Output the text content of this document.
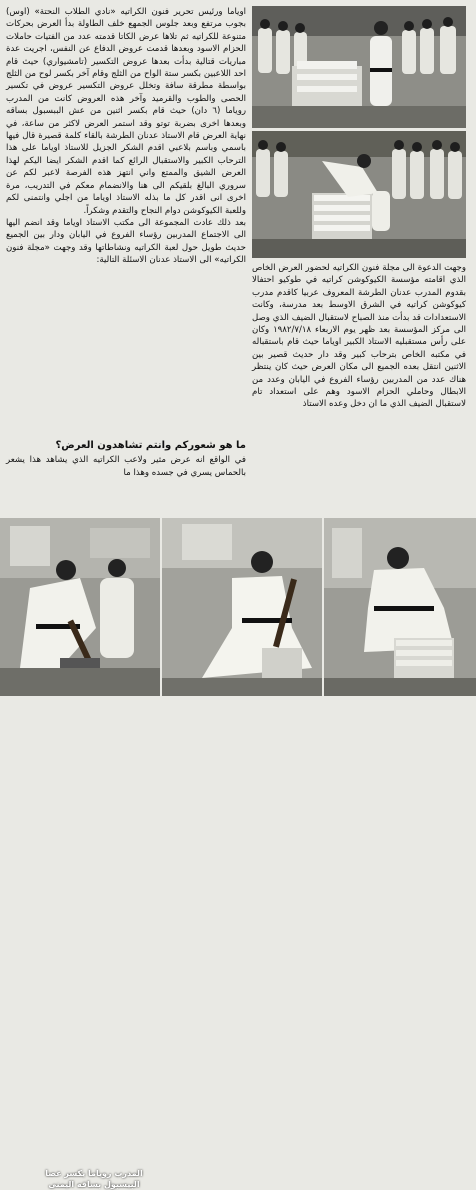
اوياما ورئيس تحرير فنون الكراتيه «نادي الطلاب النحتة» (اوس) بجوب مرتفع وبعد جلوس الجمهع خلف الطاولة بدأ العرض بحركات متنوعة للكراتيه ثم تلاها عرض الكاتا قدمته عدد من الفتيات حاملات الحزام الاسود وبعدها قدمت عروض الدفاع عن النفس، اجريت عدة مباريات قتالية بدأت بعدها عروض التكسير (تامشيواري) حيث قام احد اللاعبين بكسر ستة الواح من الثلج وقام آخر بكسر لوح من الثلج بواسطة مطرقة سافة وتخلل عروض التكسير عروض في تكسير الحصى والطوب والقرميد وآخر هذه العروض كانت من المدرب روياما (٦ دان) حيث قام بكسر اثنين من عش الببسبول بساقه وبعدها اخرى بضربة توتو وقد استمر العرض لاكثر من ساعة، في نهاية العرض قام الاستاذ عدنان الطرشة بالقاء كلمة قصيرة قال فيها باسمي وباسم بلاعبي اقدم الشكر الجزيل للاستاذ اوياما على هذا الترحاب الكبير والاستقبال الرائع كما اقدم الشكر ايضا اليكم لهذا العرض الشيق والممتع واني انتهز هذه الفرصة لاعبر لكم عن سروري البالغ بلقيكم الى هنا والانضمام معكم في التدريب، مرة اخرى انى اقدر كل ما بذله الاستاذ اوياما من اجلي وانتمنى لكم وللعبة الكيوكوشن دوام النجاح والتقدم وشكراً.

بعد ذلك عادت المجموعة الى مكتب الاستاذ اوياما وقد انضم اليها الى الاجتماع المدربين رؤساء الفروع في اليابان ودار بين الجميع حديث طويل حول لعبة الكراتيه ونشاطاتها وقد وجهت «مجلة فنون الكراتيه» الى الاستاذ عدنان الاسئلة التالية:

ما هو شعوركم وانتم تشاهدون العرض؟

في الواقع انه عرض مثير ولاعب الكراتيه الذي يشاهد هذا يشعر بالحماس يسري في جسده وهذا ما

وجهت الدعوة الى مجلة فنون الكراتيه لحضور العرض الخاص الذي اقامته مؤسسة الكيوكوشن كراتيه في طوكيو احتفالا بقدوم المدرب عدنان الطرشة المعروف عربيا كاقدم مدرب كيوكوشن كراتيه في الشرق الاوسط بعد مدرسة، وكانت الاستعدادات قد بدأت منذ الصباح لاستقبال الضيف الذي وصل الى مركز المؤسسة بعد ظهر يوم الاربعاء ١٩٨٢/٧/١٨ وكان على رأس مستقبليه الاستاذ الكبير اوياما حيث قام باستقباله في مكتبه الخاص بترحاب كبير وقد دار حديث قصير بين الاثنين انتقل بعده الجميع الى مكان العرض حيث كان ينتظر هناك عدد من المدربين رؤساء الفروع في اليابان وعدد من الابطال وحاملي الحزام الاسود وهم على استعداد تام لاستقبال الضيف الذي ما ان دخل وعده الاستاذ

المدرب روياما يكسر عصا البيسبول بساقه اليمنى
